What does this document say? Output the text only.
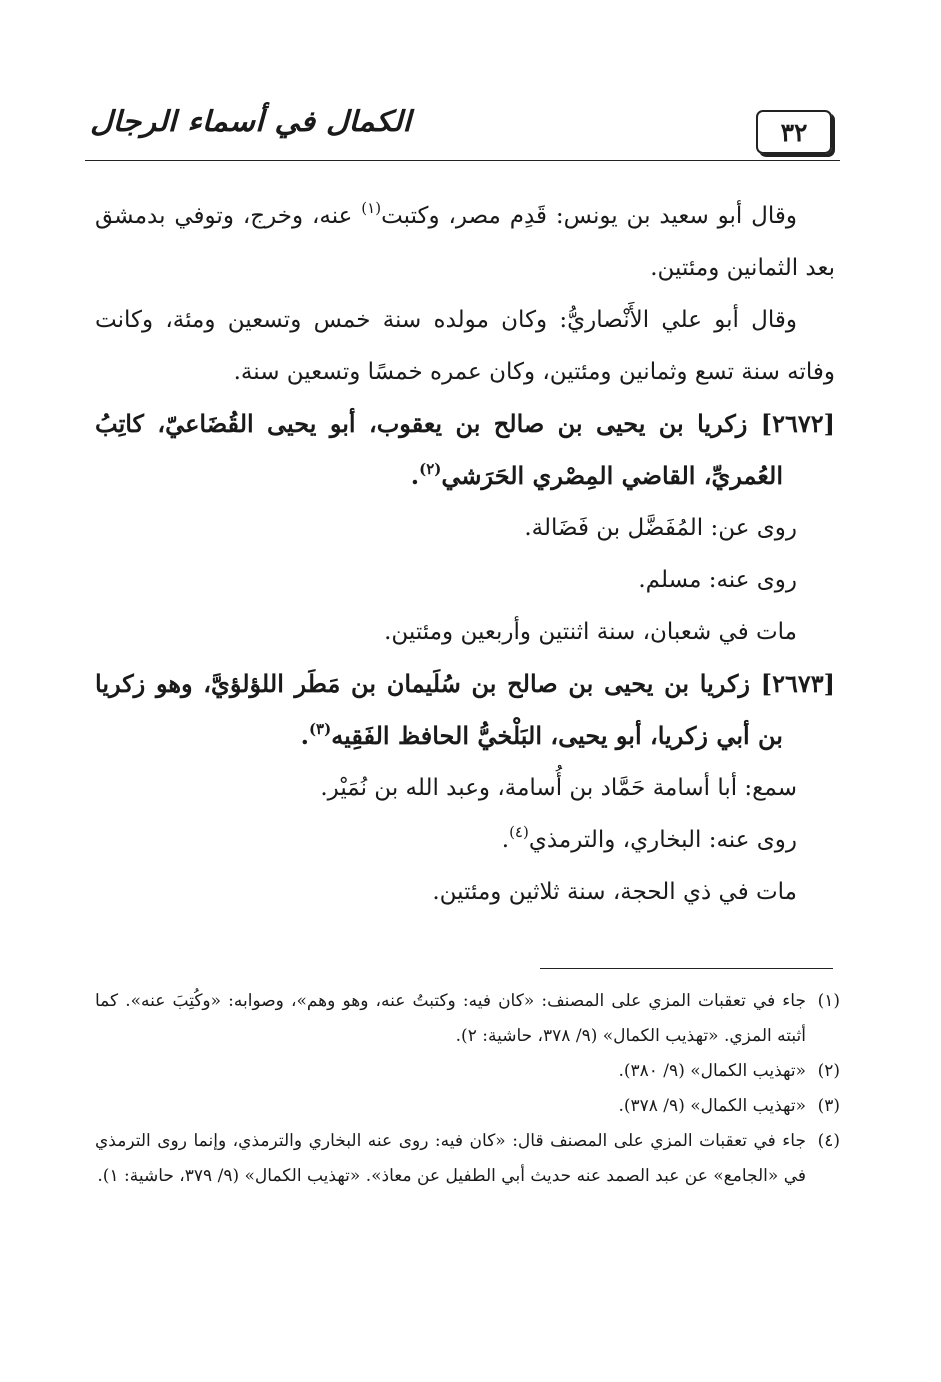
٣٢
الكمال في أسماء الرجال

وقال أبو سعيد بن يونس: قَدِم مصر، وكتبت$^{(١)}$ عنه، وخرج، وتوفي بدمشق بعد الثمانين ومئتين.

وقال أبو علي الأَنْصاريُّ: وكان مولده سنة خمس وتسعين ومئة، وكانت وفاته سنة تسع وثمانين ومئتين، وكان عمره خمسًا وتسعين سنة.

[٢٦٧٢] زكريا بن يحيى بن صالح بن يعقوب، أبو يحيى القُضَاعيّ، كاتِبُ العُمريِّ، القاضي المِصْري الحَرَشي$^{(٢)}$.

روى عن: المُفَضَّل بن فَضَالة.

روى عنه: مسلم.

مات في شعبان، سنة اثنتين وأربعين ومئتين.

[٢٦٧٣] زكريا بن يحيى بن صالح بن سُلَيمان بن مَطَر اللؤلؤيَّ، وهو زكريا بن أبي زكريا، أبو يحيى، البَلْخيُّ الحافظ الفَقِيه$^{(٣)}$.

سمع: أبا أسامة حَمَّاد بن أُسامة، وعبد الله بن نُمَيْر.

روى عنه: البخاري، والترمذي$^{(٤)}$.

مات في ذي الحجة، سنة ثلاثين ومئتين.

(١)جاء في تعقبات المزي على المصنف: «كان فيه: وكتبتُ عنه، وهو وهم»، وصوابه: «وكُتِبَ عنه». كما أثبته المزي. «تهذيب الكمال» (٩/ ٣٧٨، حاشية: ٢).

(٢)«تهذيب الكمال» (٩/ ٣٨٠).

(٣)«تهذيب الكمال» (٩/ ٣٧٨).

(٤)جاء في تعقبات المزي على المصنف قال: «كان فيه: روى عنه البخاري والترمذي، وإنما روى الترمذي في «الجامع» عن عبد الصمد عنه حديث أبي الطفيل عن معاذ». «تهذيب الكمال» (٩/ ٣٧٩، حاشية: ١).
